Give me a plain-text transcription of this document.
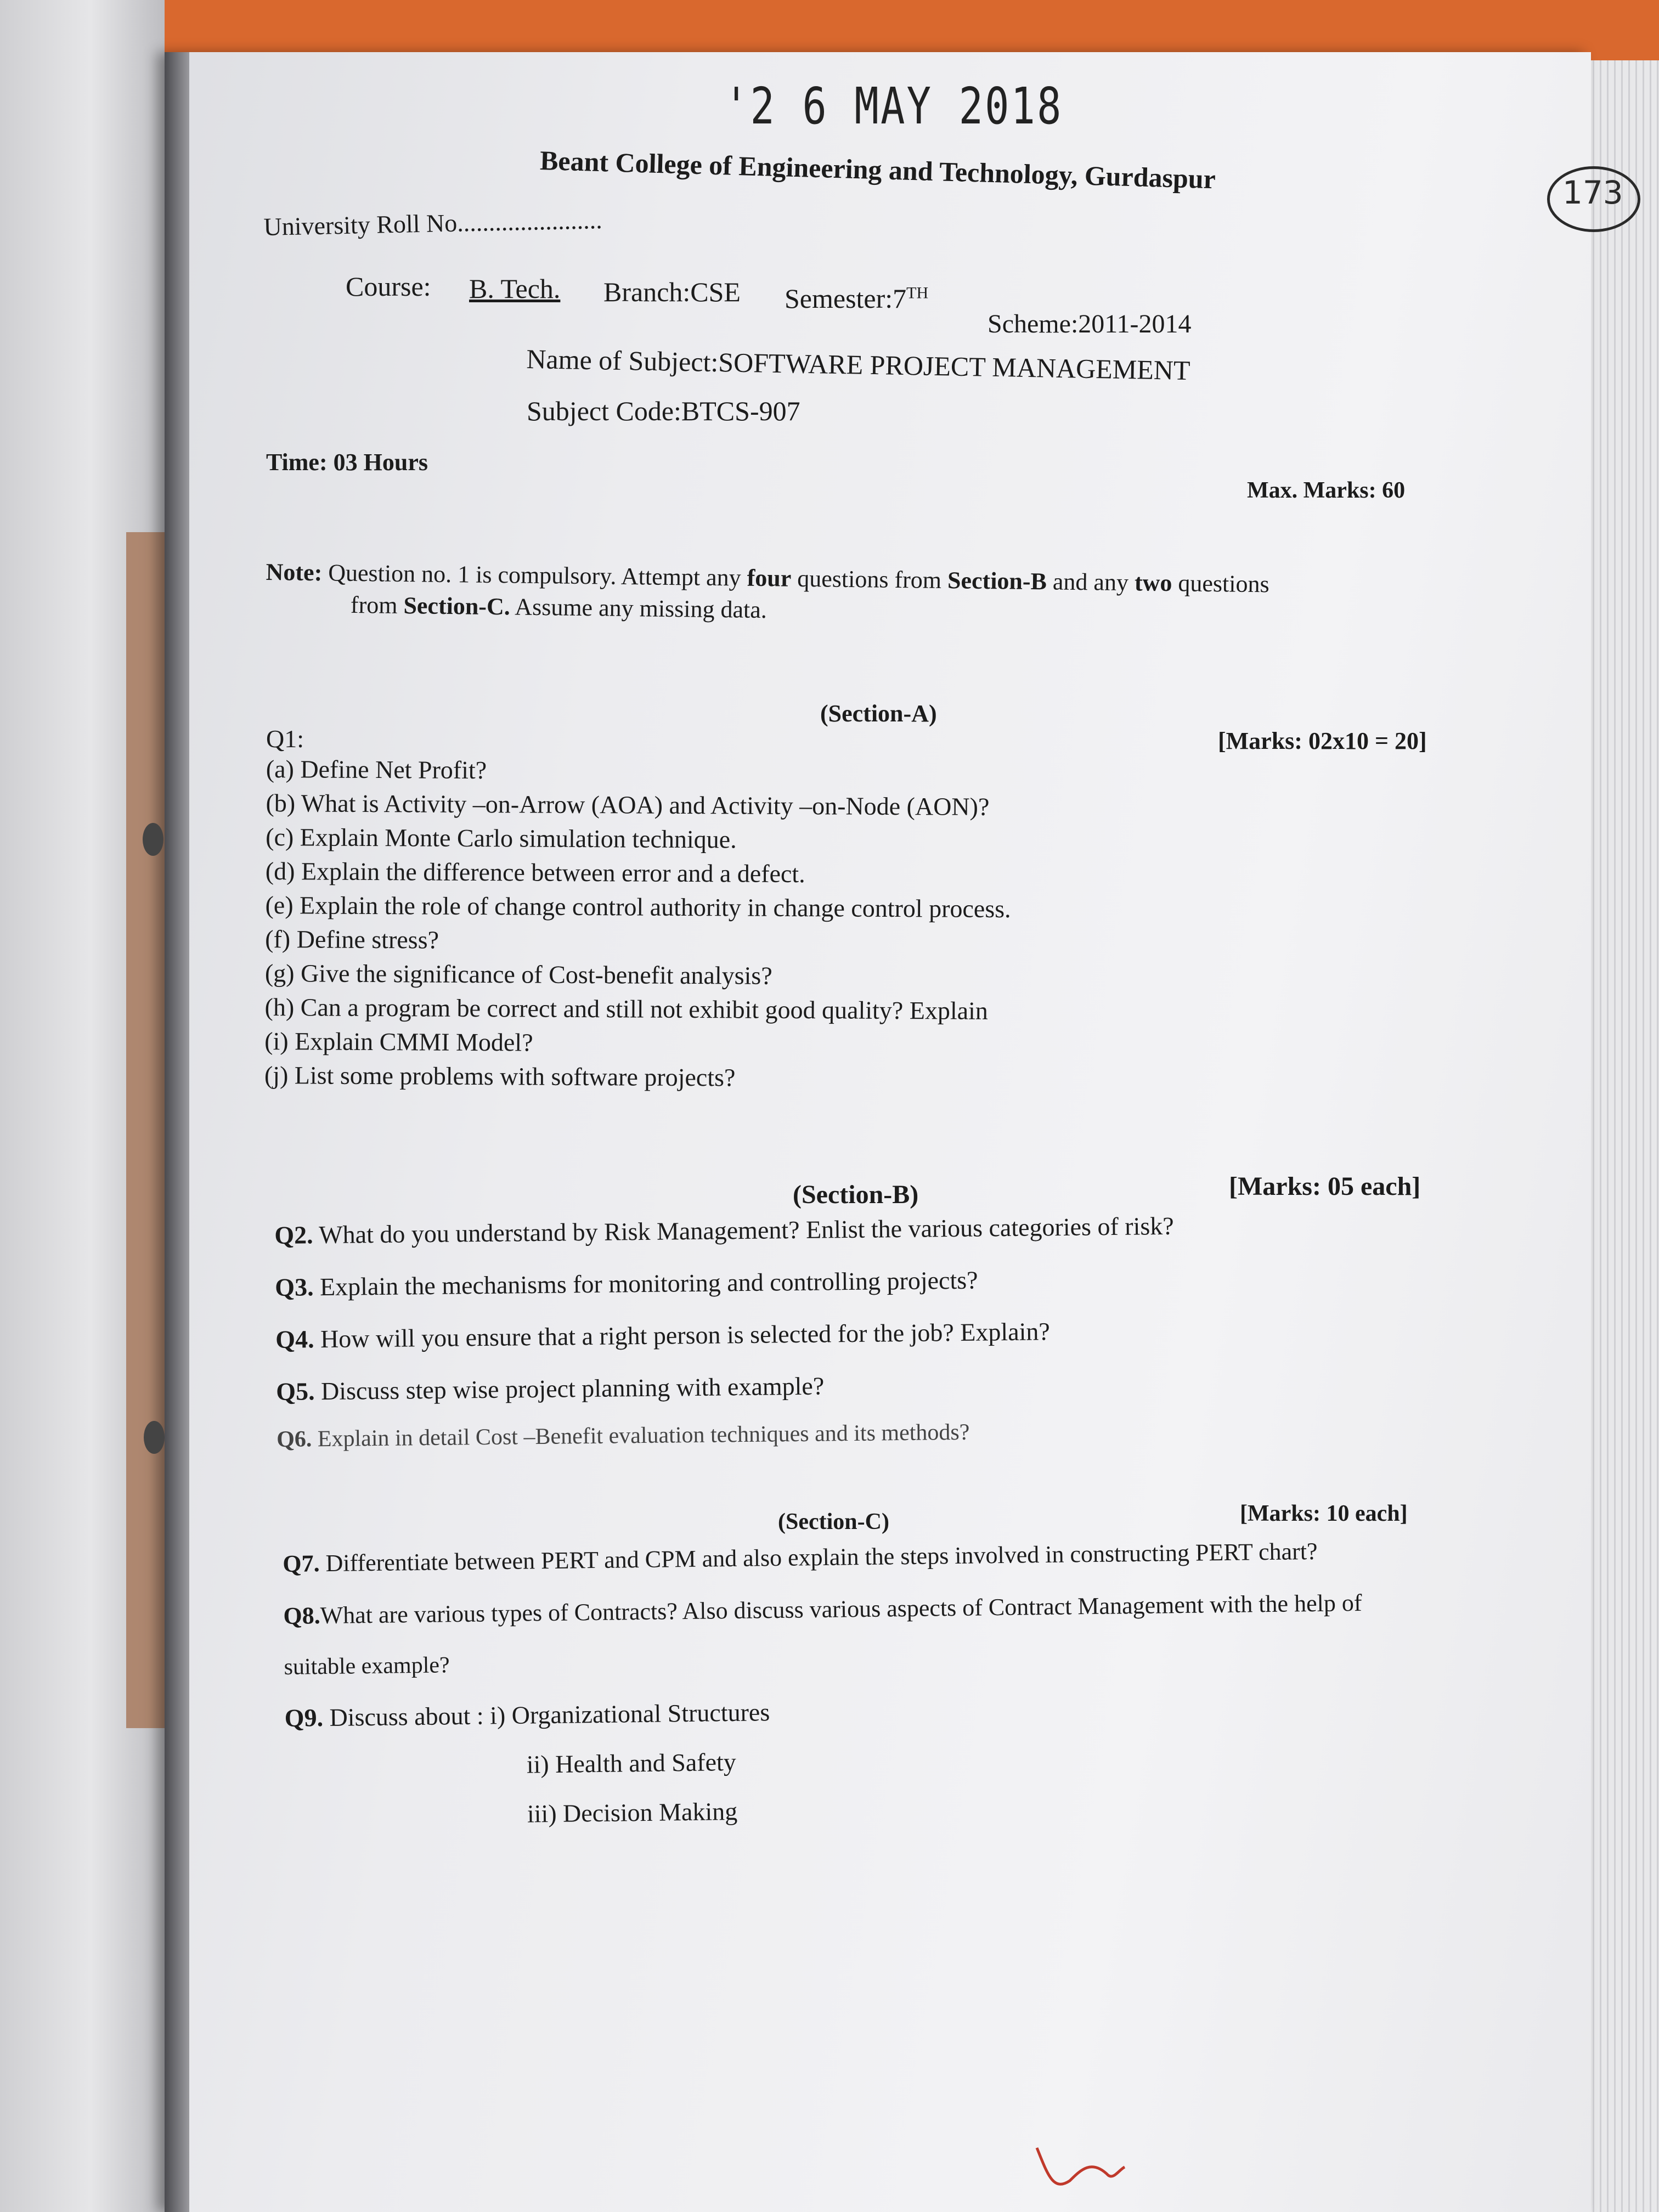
'2 6 MAY 2018
173
Beant College of Engineering and Technology, Gurdaspur
University Roll No.......................
Course: B. Tech. Branch:CSE Semester:7TH
Scheme:2011-2014
Name of Subject:SOFTWARE PROJECT MANAGEMENT
Subject Code:BTCS-907
Time: 03 Hours
Max. Marks: 60
Note: Question no. 1 is compulsory. Attempt any four questions from Section-B and any two questions
from Section-C. Assume any missing data.
(Section-A)
Q1:	[Marks: 02x10 = 20]
(a) Define Net Profit?
(b) What is Activity –on-Arrow (AOA) and Activity –on-Node (AON)?
(c) Explain Monte Carlo simulation technique.
(d) Explain the difference between error and a defect.
(e) Explain the role of change control authority in change control process.
(f) Define stress?
(g) Give the significance of Cost-benefit analysis?
(h) Can a program be correct and still not exhibit good quality? Explain
(i) Explain CMMI Model?
(j) List some problems with software projects?
(Section-B)	[Marks: 05 each]
Q2. What do you understand by Risk Management? Enlist the various categories of risk?
Q3. Explain the mechanisms for monitoring and controlling projects?
Q4. How will you ensure that a right person is selected for the job? Explain?
Q5. Discuss step wise project planning with example?
Q6. Explain in detail Cost –Benefit evaluation techniques and its methods?
(Section-C)	[Marks: 10 each]
Q7. Differentiate between PERT and CPM and also explain the steps involved in constructing PERT chart?
Q8.What are various types of Contracts? Also discuss various aspects of Contract Management with the help of
suitable example?
Q9. Discuss about : i) Organizational Structures
ii) Health and Safety
iii) Decision Making
